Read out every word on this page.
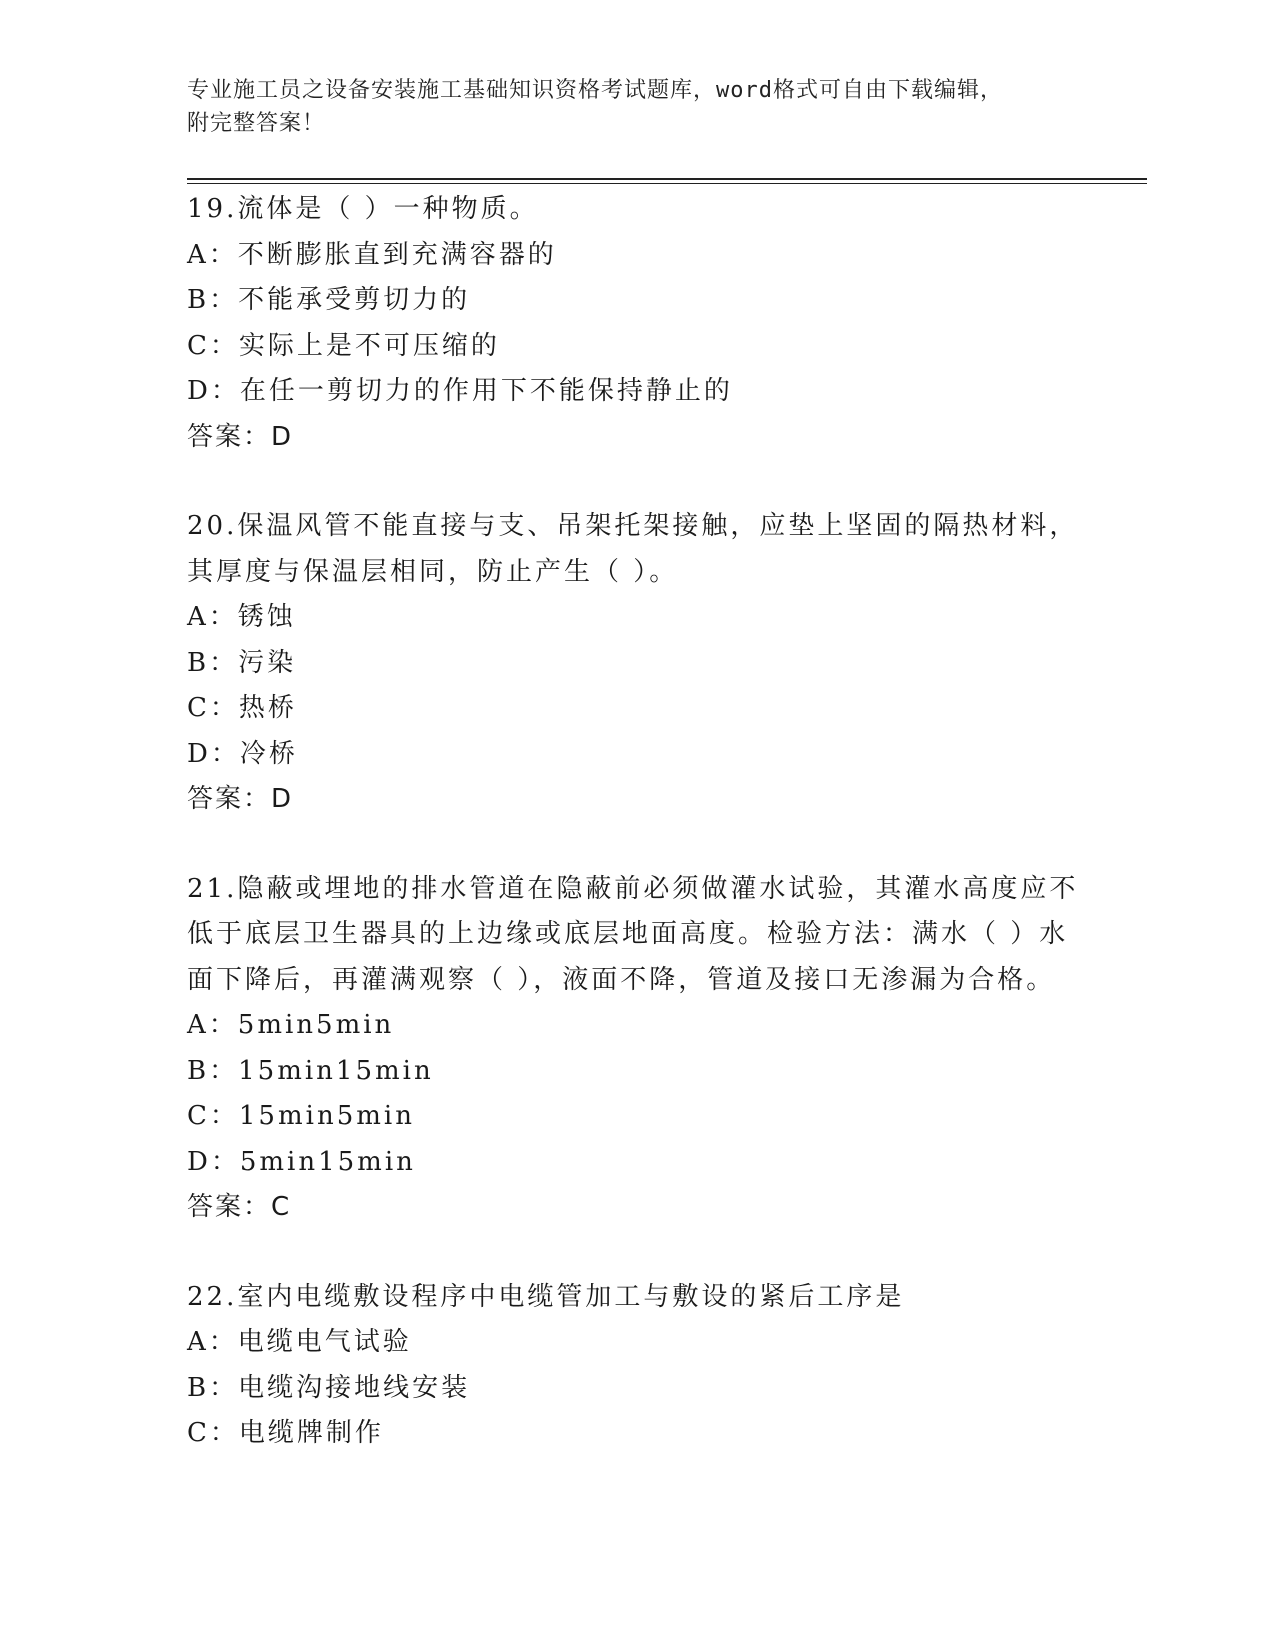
专业施工员之设备安装施工基础知识资格考试题库，word格式可自由下载编辑，
附完整答案！
19.流体是（ ）一种物质。
A：不断膨胀直到充满容器的
B：不能承受剪切力的
C：实际上是不可压缩的
D：在任一剪切力的作用下不能保持静止的
答案：D
20.保温风管不能直接与支、吊架托架接触，应垫上坚固的隔热材料，
其厚度与保温层相同，防止产生（ ）。
A：锈蚀
B：污染
C：热桥
D：冷桥
答案：D
21.隐蔽或埋地的排水管道在隐蔽前必须做灌水试验，其灌水高度应不
低于底层卫生器具的上边缘或底层地面高度。检验方法：满水（ ）水
面下降后，再灌满观察（ ），液面不降，管道及接口无渗漏为合格。
A：5min5min
B：15min15min
C：15min5min
D：5min15min
答案：C
22.室内电缆敷设程序中电缆管加工与敷设的紧后工序是
A：电缆电气试验
B：电缆沟接地线安装
C：电缆牌制作
